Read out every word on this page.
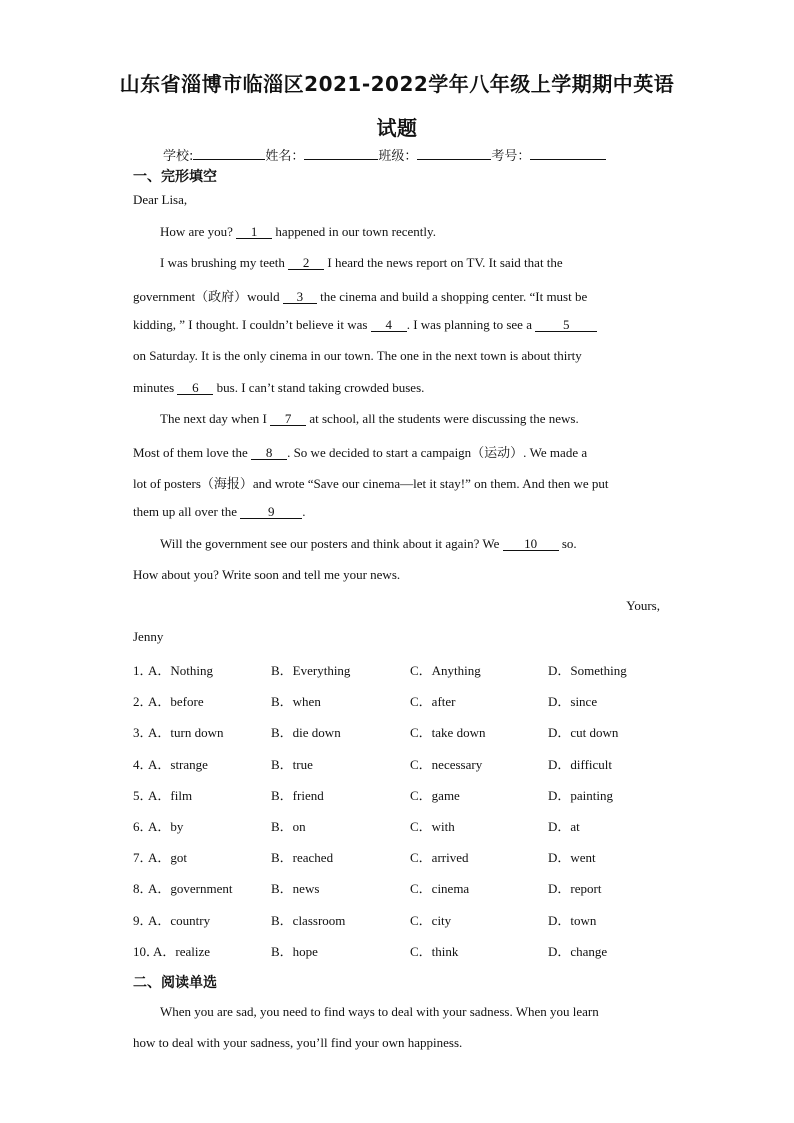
山东省淄博市临淄区2021-2022学年八年级上学期期中英语
试题
学校:	姓名：	班级：	考号：
一、完形填空
Dear Lisa,
How are you? 1 happened in our town recently.
I was brushing my teeth 2 I heard the news report on TV. It said that the
government（政府）would 3 the cinema and build a shopping center. “It must be
kidding, ” I thought. I couldn’t believe it was 4 . I was planning to see a 5
on Saturday. It is the only cinema in our town. The one in the next town is about thirty
minutes 6 bus. I can’t stand taking crowded buses.
The next day when I 7 at school, all the students were discussing the news.
Most of them love the 8 . So we decided to start a campaign（运动）. We made a
lot of posters（海报）and wrote “Save our cinema—let it stay!” on them. And then we put
them up all over the 9 .
Will the government see our posters and think about it again? We 10 so.
How about you? Write soon and tell me your news.
Yours,
Jenny
1．
A．Nothing	B．Everything	C．Anything	D．Something
2．
A．before	B．when	C．after	D．since
3．
A．turn down	B．die down	C．take down	D．cut down
4．
A．strange	B．true	C．necessary	D．difficult
5．
A．film	B．friend	C．game	D．painting
6．
A．by	B．on	C．with	D．at
7．
A．got	B．reached	C．arrived	D．went
8．
A．government	B．news	C．cinema	D．report
9．
A．country	B．classroom	C．city	D．town
10．
A．realize	B．hope	C．think	D．change
二、阅读单选
When you are sad, you need to find ways to deal with your sadness. When you learn
how to deal with your sadness, you’ll find your own happiness.
